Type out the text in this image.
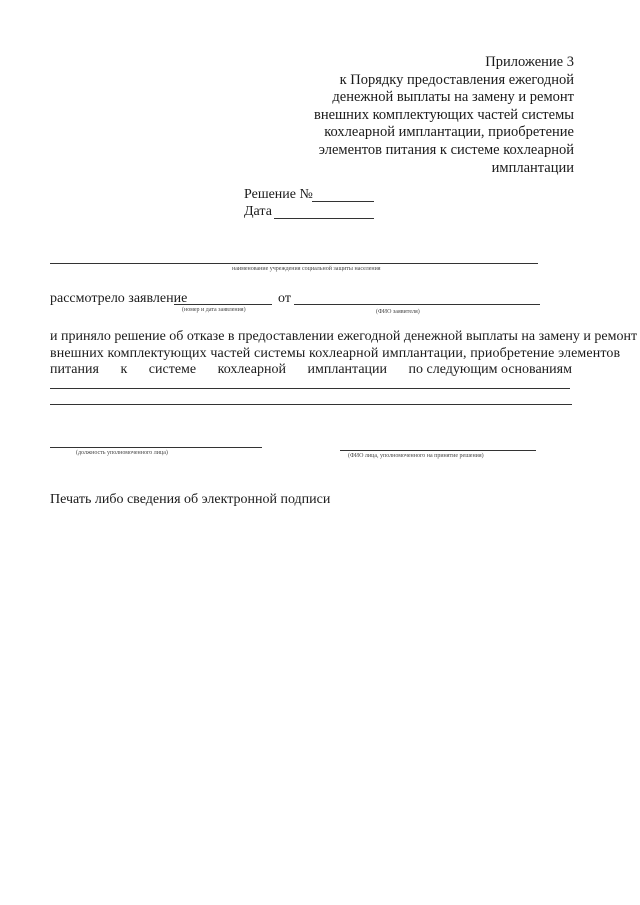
Приложение 3
к Порядку предоставления ежегодной
денежной выплаты на замену и ремонт
внешних комплектующих частей системы
кохлеарной имплантации, приобретение
элементов питания к системе кохлеарной
имплантации
Решение №
Дата
наименование учреждения социальной защиты населения
рассмотрело заявление
(номер и дата заявления)
от
(ФИО заявителя)
и приняло решение об отказе в предоставлении ежегодной денежной выплаты на замену и ремонт
внешних комплектующих частей системы кохлеарной имплантации, приобретение элементов
питания к системе кохлеарной имплантации по следующим основаниям
(должность уполномоченного лица)	(ФИО лица, уполномоченного на принятие решения)
Печать либо сведения об электронной подписи
